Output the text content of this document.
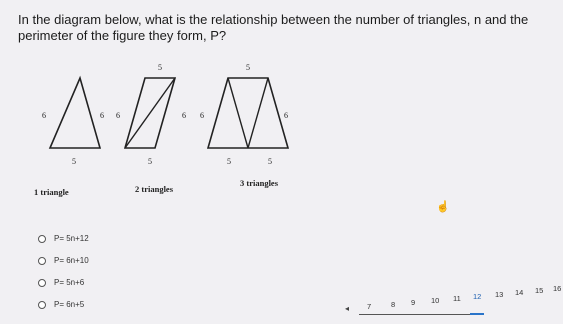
In the diagram below, what is the relationship between the number of triangles, n and the perimeter of the figure they form, P?
6	6
5
5
6	6
5
5
6	6
5	5
1 triangle	2 triangles
3 triangles
☝
P= 5n+12
P= 6n+10
P= 5n+6
P= 6n+5	◂ 7	8 9 10 11 12 13 14 15 16
